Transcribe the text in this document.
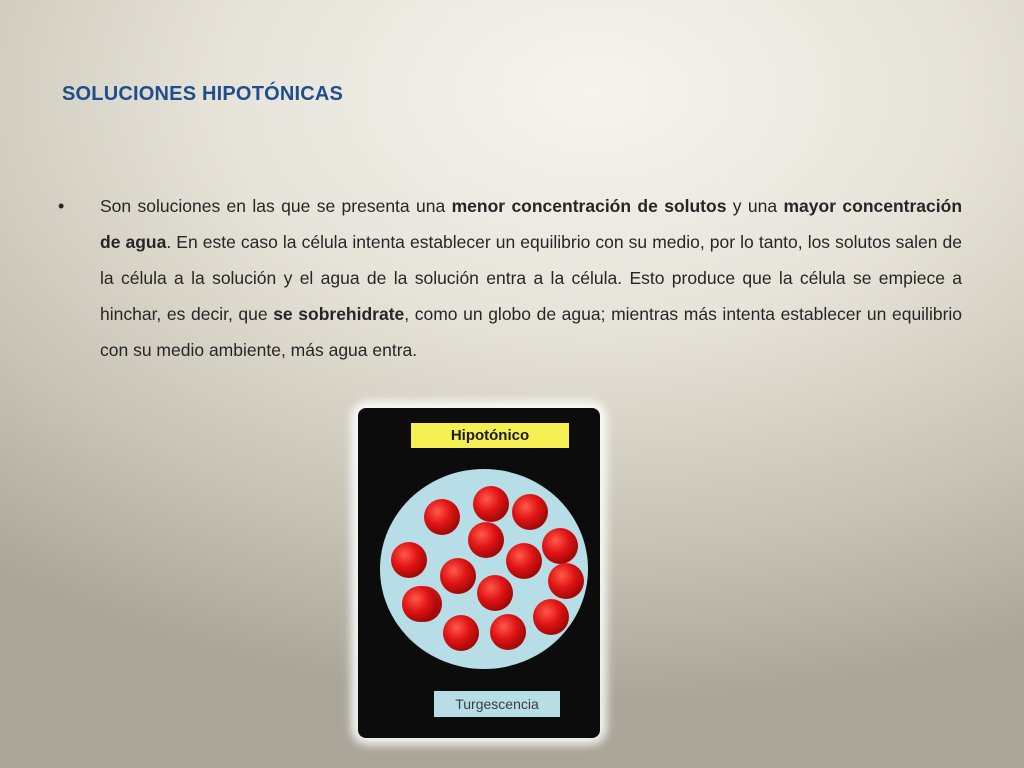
SOLUCIONES HIPOTÓNICAS
• Son soluciones en las que se presenta una menor concentración de solutos y una mayor concentración de agua. En este caso la célula intenta establecer un equilibrio con su medio, por lo tanto, los solutos salen de la célula a la solución y el agua de la solución entra a la célula. Esto produce que la célula se empiece a hinchar, es decir, que se sobrehidrate, como un globo de agua; mientras más intenta establecer un equilibrio con su medio ambiente, más agua entra.

Hipotónico
Turgescencia
